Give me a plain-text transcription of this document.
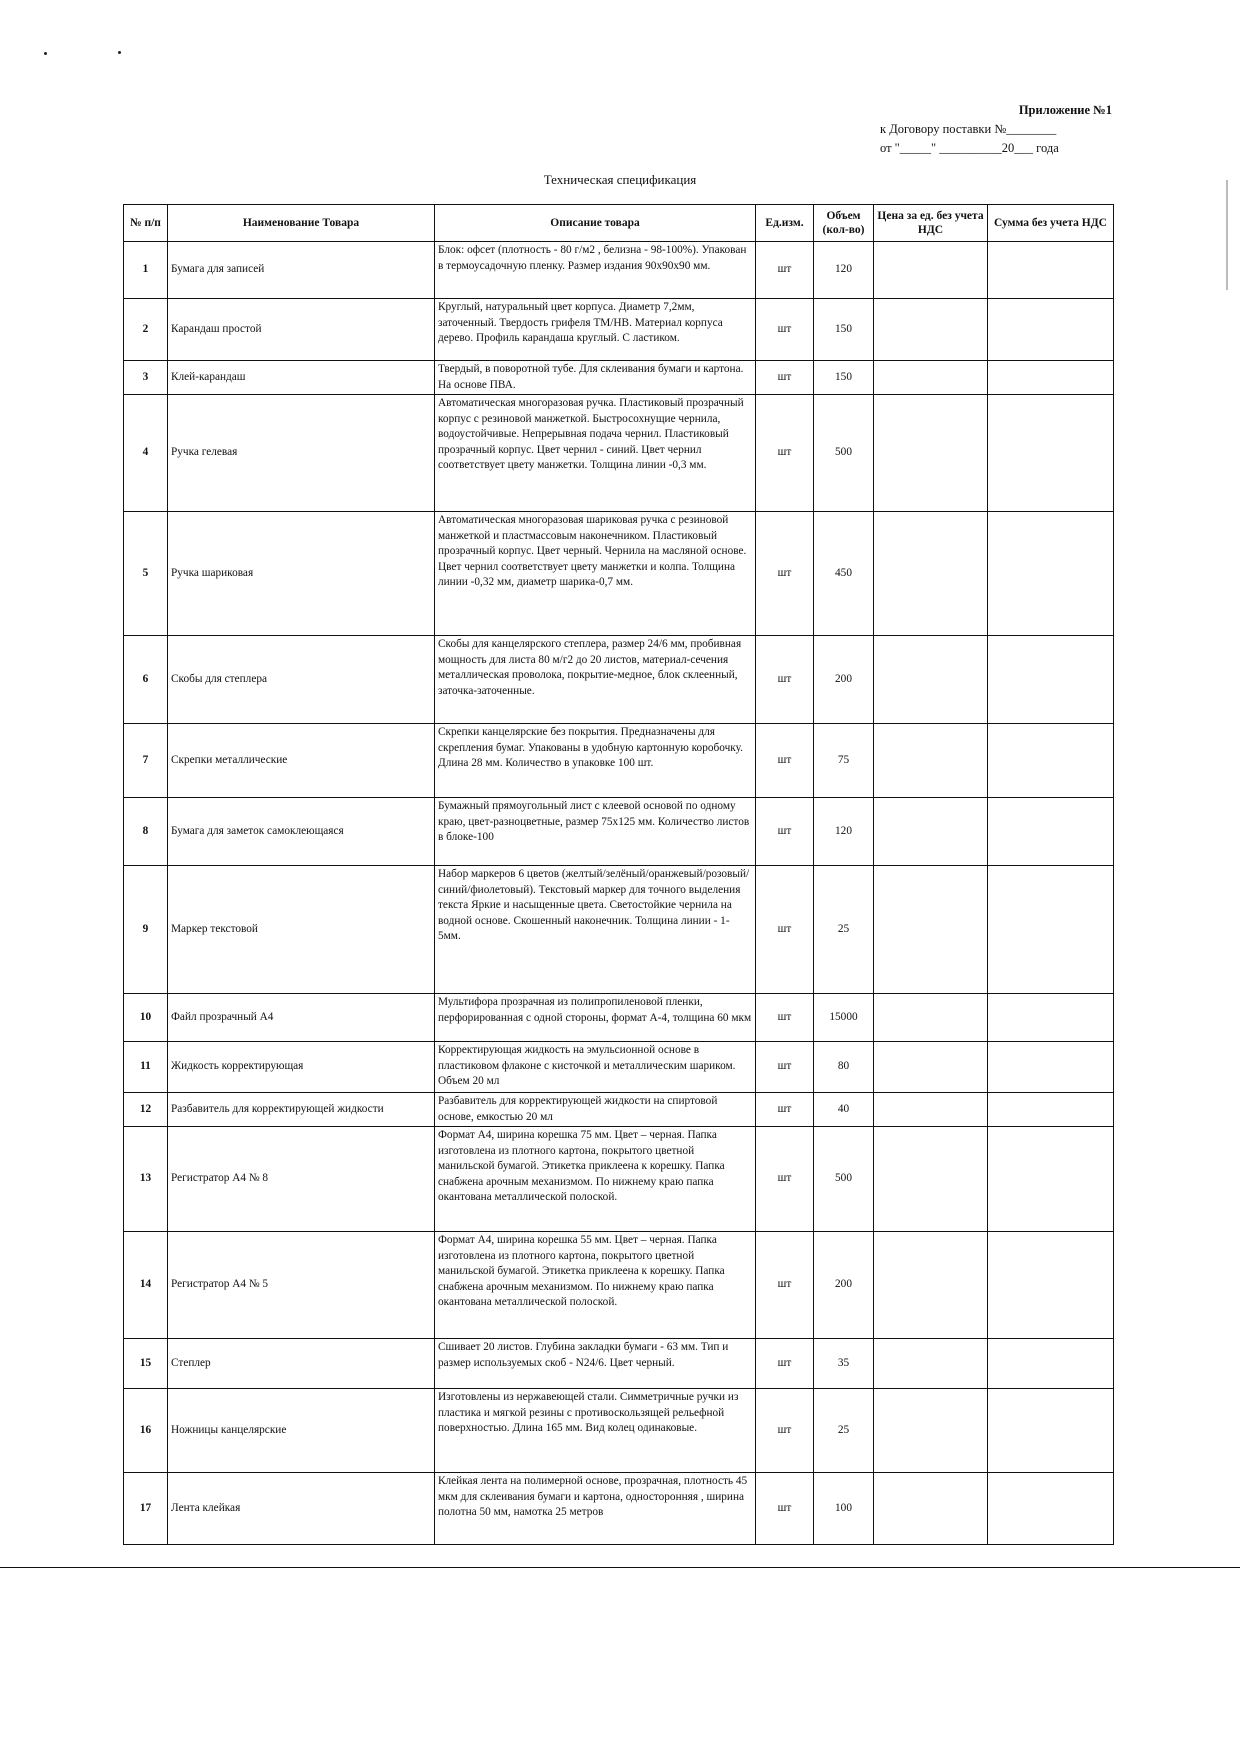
Приложение №1
к Договору поставки №________
от "_____" __________20___ года
Техническая спецификация
№ п/п	Наименование Товара	Описание товара	Ед.изм.	Объем (кол-во)	Цена за ед. без учета НДС	Сумма без учета НДС
1	Бумага для записей	Блок: офсет (плотность - 80 г/м2 , белизна - 98-100%). Упакован в термоусадочную пленку. Размер издания 90х90х90 мм.	шт	120		
2	Карандаш простой	Круглый, натуральный цвет корпуса. Диаметр 7,2мм, заточенный. Твердость грифеля ТМ/НВ. Материал корпуса дерево. Профиль карандаша круглый. С ластиком.	шт	150		
3	Клей-карандаш	Твердый, в поворотной тубе. Для склеивания бумаги и картона. На основе ПВА.	шт	150		
4	Ручка гелевая	Автоматическая многоразовая ручка. Пластиковый прозрачный корпус с резиновой манжеткой. Быстросохнущие чернила, водоустойчивые. Непрерывная подача чернил. Пластиковый прозрачный корпус. Цвет чернил - синий. Цвет чернил соответствует цвету манжетки. Толщина линии -0,3 мм.	шт	500		
5	Ручка шариковая	Автоматическая многоразовая шариковая ручка с резиновой манжеткой и пластмассовым наконечником. Пластиковый прозрачный корпус. Цвет черный. Чернила на масляной основе. Цвет чернил соответствует цвету манжетки и колпа. Толщина линии -0,32 мм, диаметр шарика-0,7 мм.	шт	450		
6	Скобы для степлера	Скобы для канцелярского степлера, размер 24/6 мм, пробивная мощность для листа 80 м/г2 до 20 листов, материал-сечения металлическая проволока, покрытие-медное, блок склеенный, заточка-заточенные.	шт	200		
7	Скрепки металлические	Скрепки канцелярские без покрытия. Предназначены для скрепления бумаг. Упакованы в удобную картонную коробочку. Длина 28 мм. Количество в упаковке 100 шт.	шт	75		
8	Бумага для заметок самоклеющаяся	Бумажный прямоугольный лист с клеевой основой по одному краю, цвет-разноцветные, размер 75х125 мм. Количество листов в блоке-100	шт	120		
9	Маркер текстовой	Набор маркеров 6 цветов (желтый/зелёный/оранжевый/розовый/синий/фиолетовый). Текстовый маркер для точного выделения текста Яркие и насыщенные цвета. Светостойкие чернила на водной основе. Скошенный наконечник. Толщина линии - 1-5мм.	шт	25		
10	Файл прозрачный А4	Мультифора прозрачная из полипропиленовой пленки, перфорированная с одной стороны, формат А-4, толщина 60 мкм	шт	15000		
11	Жидкость корректирующая	Корректирующая жидкость на эмульсионной основе в пластиковом флаконе с кисточкой и металлическим шариком. Объем 20 мл	шт	80		
12	Разбавитель для корректирующей жидкости	Разбавитель для корректирующей жидкости на спиртовой основе, емкостью 20 мл	шт	40		
13	Регистратор А4 № 8	Формат А4, ширина корешка 75 мм. Цвет – черная. Папка изготовлена из плотного картона, покрытого цветной манильской бумагой. Этикетка приклеена к корешку. Папка снабжена арочным механизмом. По нижнему краю папка окантована металлической полоской.	шт	500		
14	Регистратор А4 № 5	Формат А4, ширина корешка 55 мм. Цвет – черная. Папка изготовлена из плотного картона, покрытого цветной манильской бумагой. Этикетка приклеена к корешку. Папка снабжена арочным механизмом. По нижнему краю папка окантована металлической полоской.	шт	200		
15	Степлер	Сшивает 20 листов. Глубина закладки бумаги - 63 мм. Тип и размер используемых скоб - N24/6. Цвет черный.	шт	35		
16	Ножницы канцелярские	Изготовлены из нержавеющей стали. Симметричные ручки из пластика и мягкой резины с противоскользящей рельефной поверхностью. Длина 165 мм. Вид колец одинаковые.	шт	25		
17	Лента клейкая	Клейкая лента на полимерной основе, прозрачная, плотность 45 мкм для склеивания бумаги и картона, односторонняя , ширина полотна 50 мм, намотка 25 метров	шт	100		
